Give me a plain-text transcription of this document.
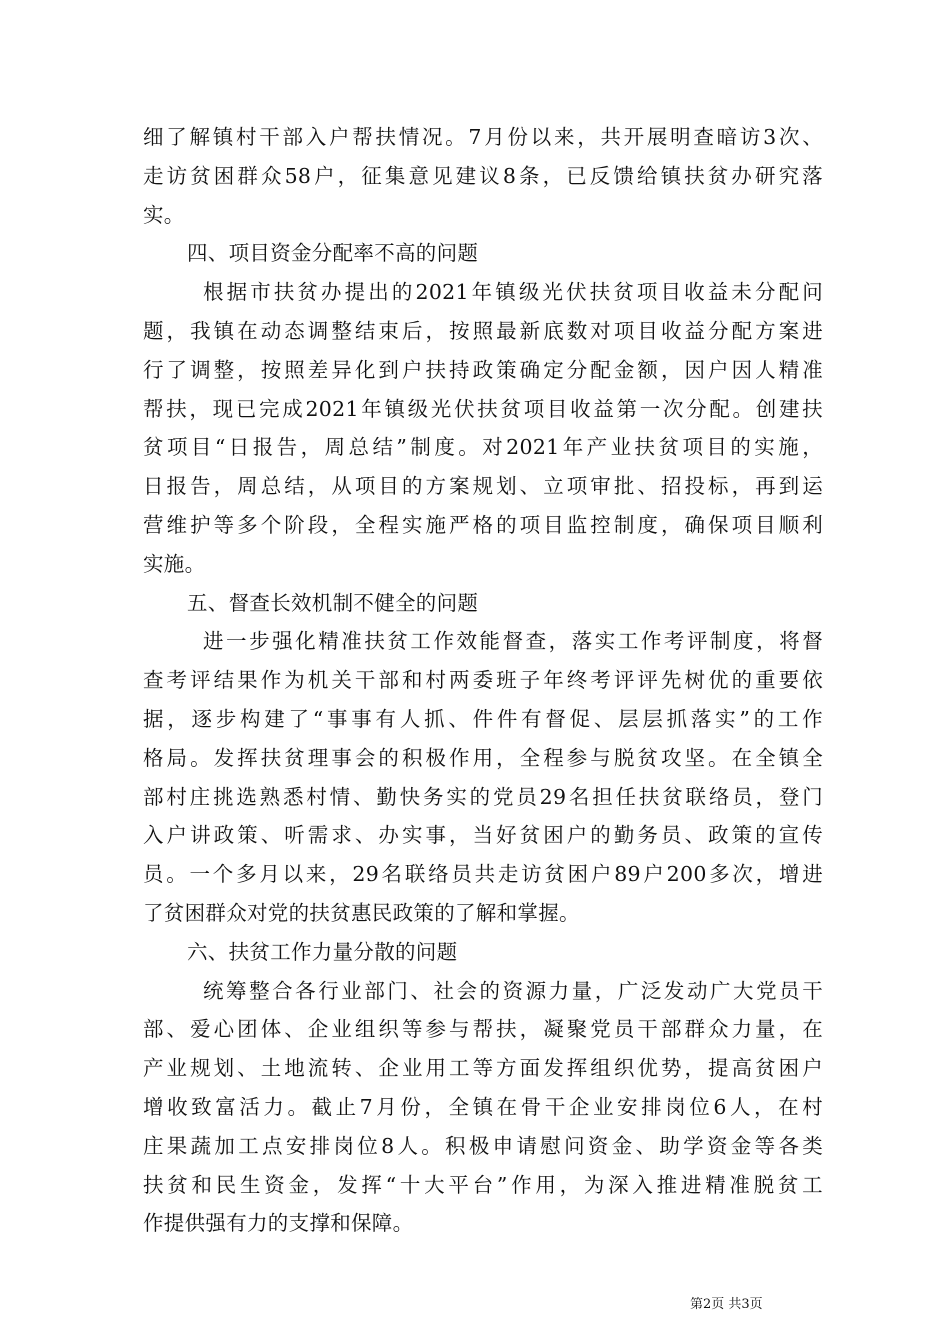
细了解镇村干部入户帮扶情况。7月份以来，共开展明查暗访3次、
走访贫困群众58户，征集意见建议8条，已反馈给镇扶贫办研究落
实。
四、项目资金分配率不高的问题
根据市扶贫办提出的2021年镇级光伏扶贫项目收益未分配问
题，我镇在动态调整结束后，按照最新底数对项目收益分配方案进
行了调整，按照差异化到户扶持政策确定分配金额，因户因人精准
帮扶，现已完成2021年镇级光伏扶贫项目收益第一次分配。创建扶
贫项目“日报告，周总结”制度。对2021年产业扶贫项目的实施，
日报告，周总结，从项目的方案规划、立项审批、招投标，再到运
营维护等多个阶段，全程实施严格的项目监控制度，确保项目顺利
实施。
五、督查长效机制不健全的问题
进一步强化精准扶贫工作效能督查，落实工作考评制度，将督
查考评结果作为机关干部和村两委班子年终考评评先树优的重要依
据，逐步构建了“事事有人抓、件件有督促、层层抓落实”的工作
格局。发挥扶贫理事会的积极作用，全程参与脱贫攻坚。在全镇全
部村庄挑选熟悉村情、勤快务实的党员29名担任扶贫联络员，登门
入户讲政策、听需求、办实事，当好贫困户的勤务员、政策的宣传
员。一个多月以来，29名联络员共走访贫困户89户200多次，增进
了贫困群众对党的扶贫惠民政策的了解和掌握。
六、扶贫工作力量分散的问题
统筹整合各行业部门、社会的资源力量，广泛发动广大党员干
部、爱心团体、企业组织等参与帮扶，凝聚党员干部群众力量，在
产业规划、土地流转、企业用工等方面发挥组织优势，提高贫困户
增收致富活力。截止7月份，全镇在骨干企业安排岗位6人，在村
庄果蔬加工点安排岗位8人。积极申请慰问资金、助学资金等各类
扶贫和民生资金，发挥“十大平台”作用，为深入推进精准脱贫工
作提供强有力的支撑和保障。
第2页 共3页
